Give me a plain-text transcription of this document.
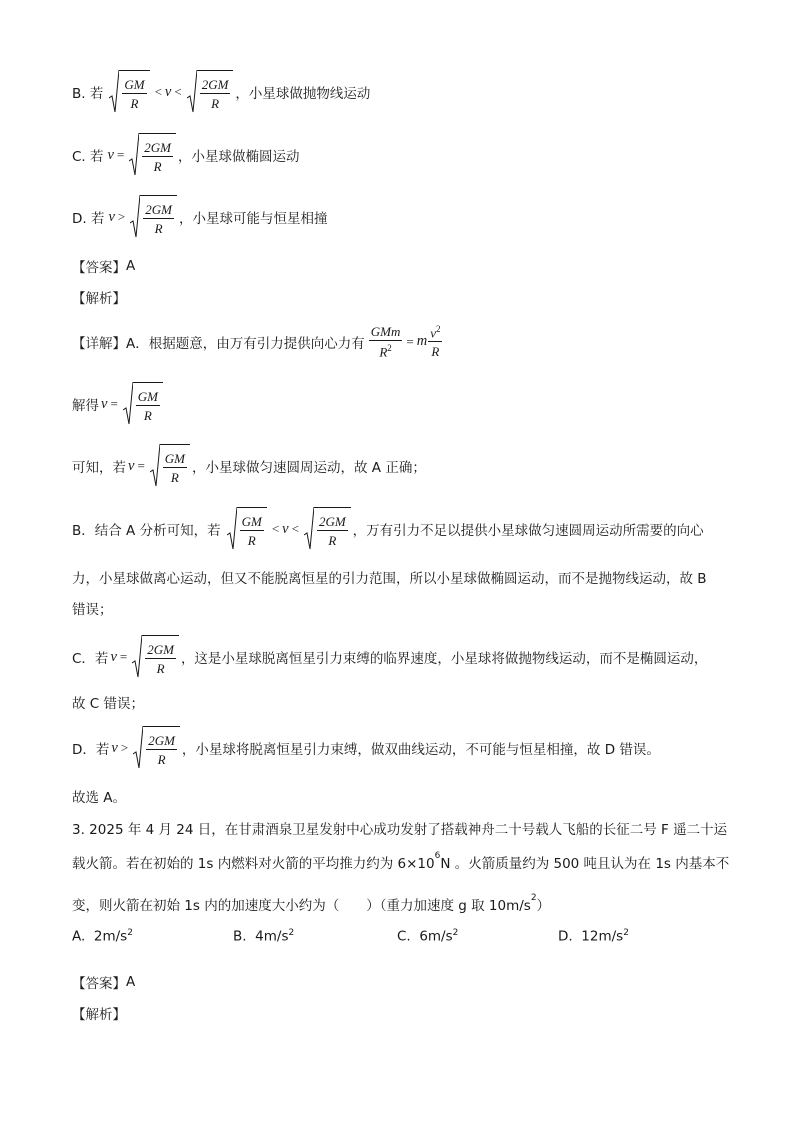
B. 若 $\frac{GM}{R} < v < \frac{2GM}{R}$ ，小星球做抛物线运动
C. 若 $v = \frac{2GM}{R}$ ，小星球做椭圆运动
D. 若 $v > \frac{2GM}{R}$ ，小星球可能与恒星相撞
【答案】 A
【解析】
【详解】 A．根据题意，由万有引力提供向心力有 $\frac{\text{GMm}}{R^2} = m \frac{v^2}{R}$
解得 $v = \frac{GM}{R}$
可知，若 $v = \frac{GM}{R}$ ，小星球做匀速圆周运动，故 A 正确；
B．结合 A 分析可知，若 $\frac{GM}{R} < v < \frac{2GM}{R}$ ，万有引力不足以提供小星球做匀速圆周运动所需要的向心
力，小星球做离心运动，但又不能脱离恒星的引力范围，所以小星球做椭圆运动，而不是抛物线运动，故 B
错误；
C．若 $v = \frac{2GM}{R}$ ，这是小星球脱离恒星引力束缚的临界速度，小星球将做抛物线运动，而不是椭圆运动，
故 C 错误；
D．若 $v > \frac{2GM}{R}$ ，小星球将脱离恒星引力束缚，做双曲线运动，不可能与恒星相撞，故 D 错误。
故选 A。
3. 2025 年 4 月 24 日，在甘肃酒泉卫星发射中心成功发射了搭载神舟二十号载人飞船的长征二号 F 遥二十运
载火箭。若在初始的 1s 内燃料对火箭的平均推力约为 $6\times 10^6$ N 。火箭质量约为 500 吨且认为在 1s 内基本不
变，则火箭在初始 1s 内的加速度大小约为（　　）（重力加速度 g 取 $10m/s^2$ ）
A. $2m/s^2$	B. $4m/s^2$	C. $6m/s^2$	D. $12m/s^2$
【答案】 A
【解析】
